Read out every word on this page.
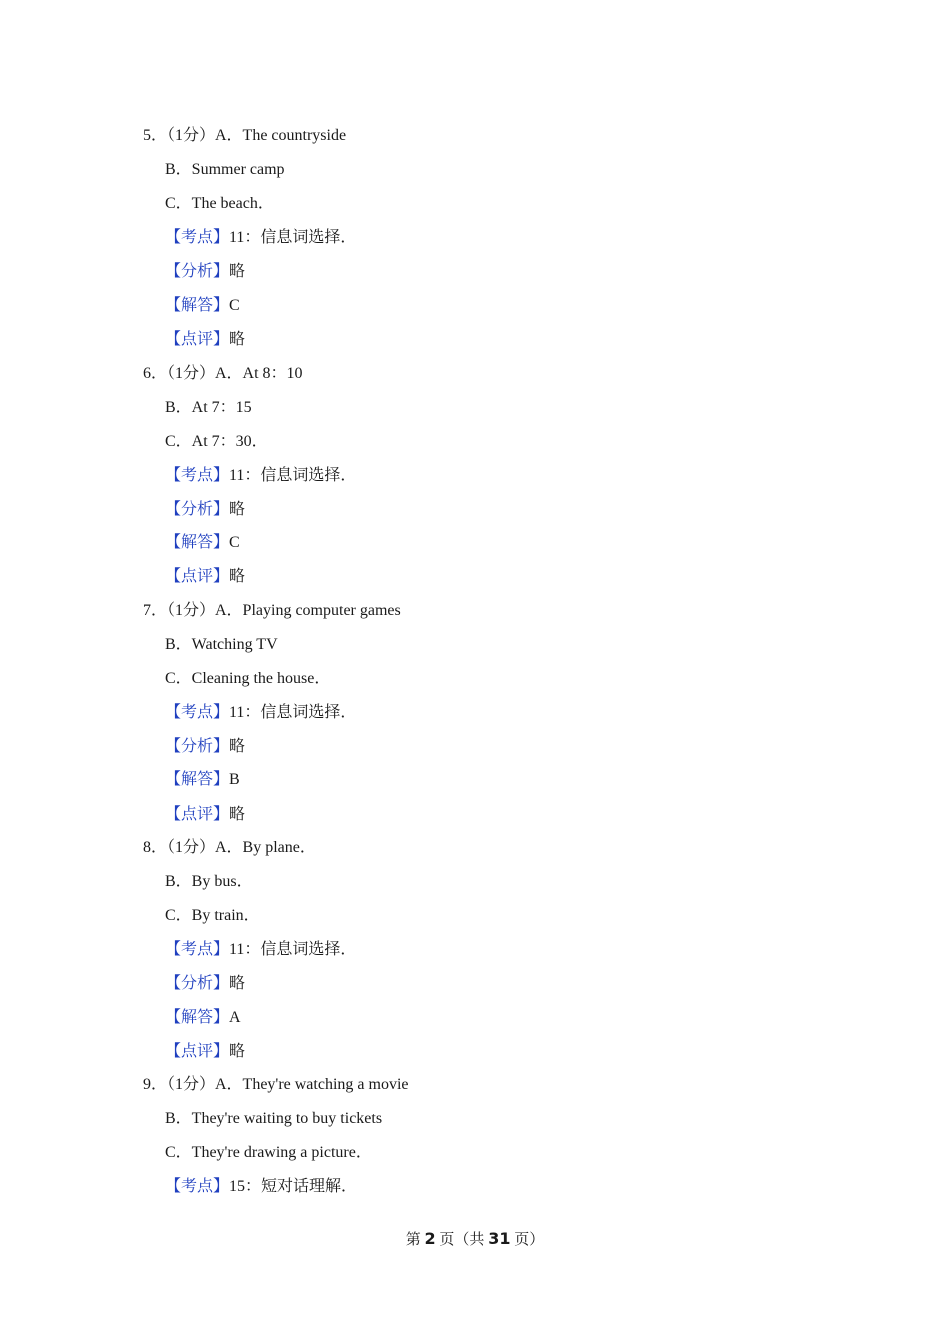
5．（1分）A．The countryside
B．Summer camp
C．The beach．
【考点】11：信息词选择．
【分析】略
【解答】C
【点评】略
6．（1分）A．At 8：10
B．At 7：15
C．At 7：30．
【考点】11：信息词选择．
【分析】略
【解答】C
【点评】略
7．（1分）A．Playing computer games
B．Watching TV
C．Cleaning the house．
【考点】11：信息词选择．
【分析】略
【解答】B
【点评】略
8．（1分）A．By plane．
B．By bus．
C．By train．
【考点】11：信息词选择．
【分析】略
【解答】A
【点评】略
9．（1分）A．They're watching a movie
B．They're waiting to buy tickets
C．They're drawing a picture．
【考点】15：短对话理解．
第 2 页（共 31 页）
